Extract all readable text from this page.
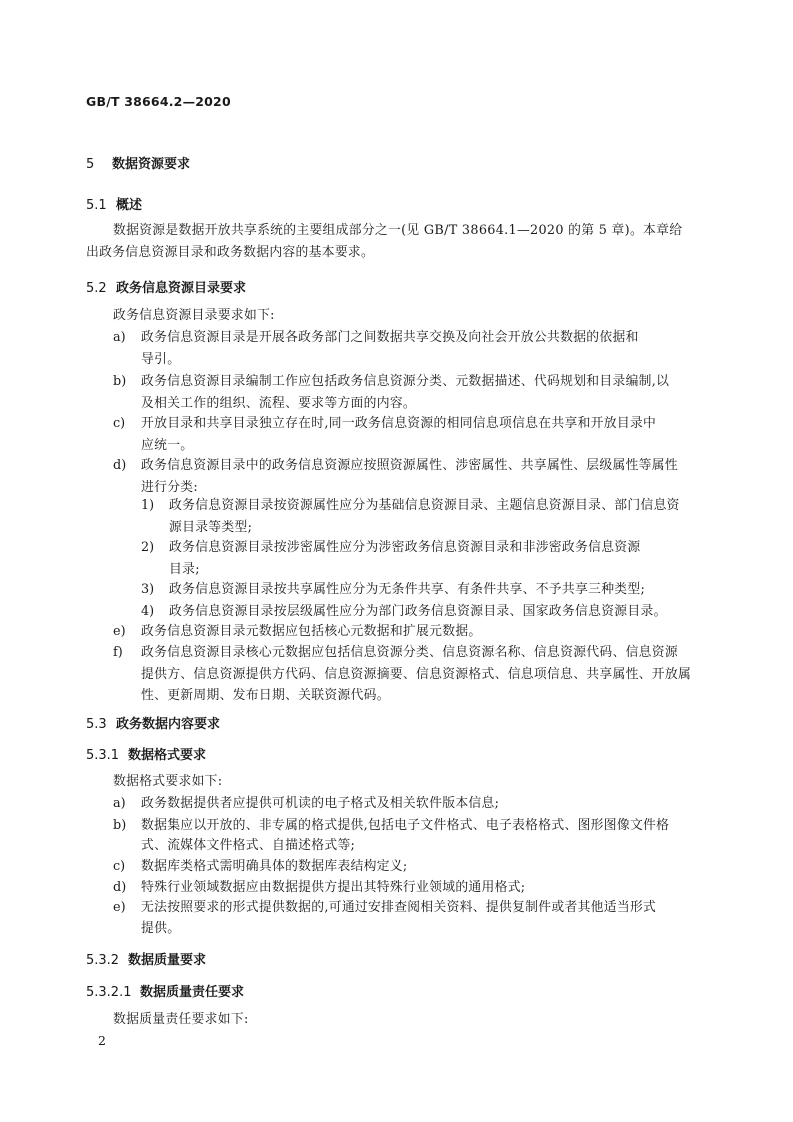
GB/T 38664.2—2020
5 数据资源要求
5.1 概述
数据资源是数据开放共享系统的主要组成部分之一(见 GB/T 38664.1—2020 的第 5 章)。本章给
出政务信息资源目录和政务数据内容的基本要求。
5.2 政务信息资源目录要求
政务信息资源目录要求如下:
a) 政务信息资源目录是开展各政务部门之间数据共享交换及向社会开放公共数据的依据和
导引。
b) 政务信息资源目录编制工作应包括政务信息资源分类、元数据描述、代码规划和目录编制,以
及相关工作的组织、流程、要求等方面的内容。
c) 开放目录和共享目录独立存在时,同一政务信息资源的相同信息项信息在共享和开放目录中
应统一。
d) 政务信息资源目录中的政务信息资源应按照资源属性、涉密属性、共享属性、层级属性等属性
进行分类:
1) 政务信息资源目录按资源属性应分为基础信息资源目录、主题信息资源目录、部门信息资
源目录等类型;
2) 政务信息资源目录按涉密属性应分为涉密政务信息资源目录和非涉密政务信息资源
目录;
3) 政务信息资源目录按共享属性应分为无条件共享、有条件共享、不予共享三种类型;
4) 政务信息资源目录按层级属性应分为部门政务信息资源目录、国家政务信息资源目录。
e) 政务信息资源目录元数据应包括核心元数据和扩展元数据。
f) 政务信息资源目录核心元数据应包括信息资源分类、信息资源名称、信息资源代码、信息资源
提供方、信息资源提供方代码、信息资源摘要、信息资源格式、信息项信息、共享属性、开放属
性、更新周期、发布日期、关联资源代码。
5.3 政务数据内容要求
5.3.1 数据格式要求
数据格式要求如下:
a) 政务数据提供者应提供可机读的电子格式及相关软件版本信息;
b) 数据集应以开放的、非专属的格式提供,包括电子文件格式、电子表格格式、图形图像文件格
式、流媒体文件格式、自描述格式等;
c) 数据库类格式需明确具体的数据库表结构定义;
d) 特殊行业领域数据应由数据提供方提出其特殊行业领域的通用格式;
e) 无法按照要求的形式提供数据的,可通过安排查阅相关资料、提供复制件或者其他适当形式
提供。
5.3.2 数据质量要求
5.3.2.1 数据质量责任要求
数据质量责任要求如下:
2
